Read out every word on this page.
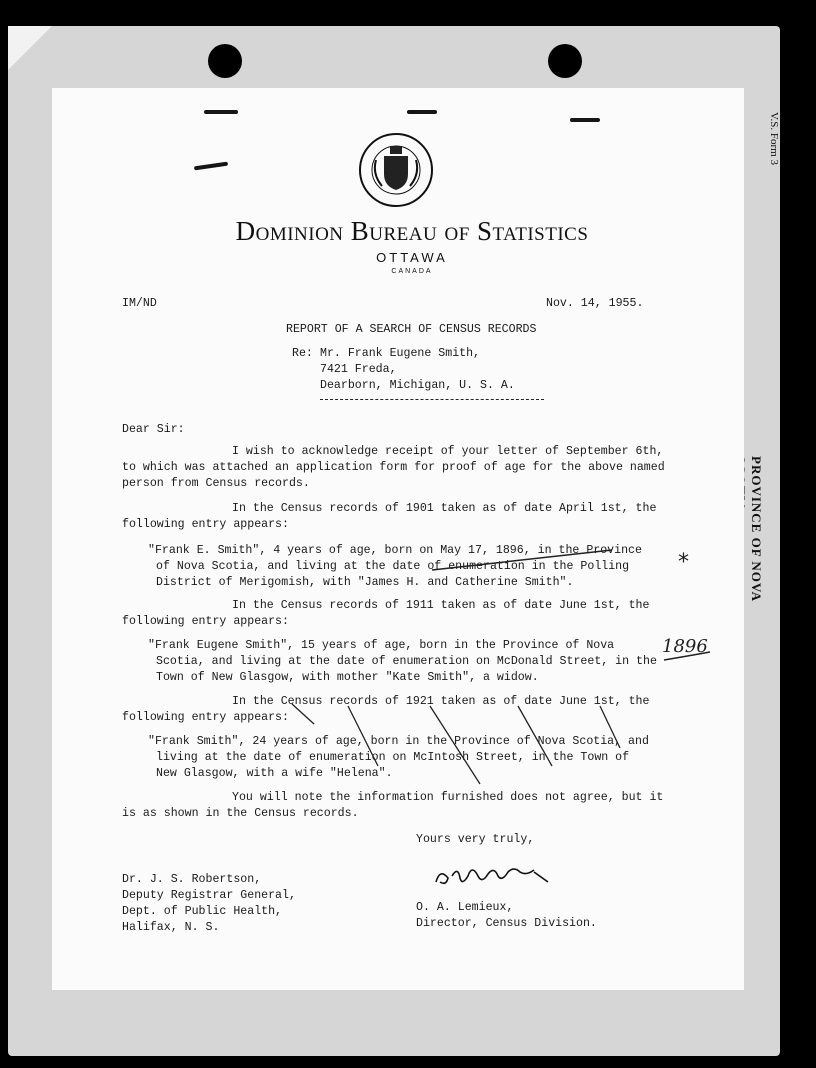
V.S. Form 3
PROVINCE OF NOVA
Dominion Bureau of Statistics
OTTAWA
CANADA
IM/ND	Nov. 14, 1955.
REPORT OF A SEARCH OF CENSUS RECORDS
Re: Mr. Frank Eugene Smith,
7421 Freda,
Dearborn, Michigan, U. S. A.
Dear Sir:
I wish to acknowledge receipt of your letter of September 6th,
to which was attached an application form for proof of age for the above named
person from Census records.
In the Census records of 1901 taken as of date April 1st, the
following entry appears:
"Frank E. Smith", 4 years of age, born on May 17, 1896, in the Province
of Nova Scotia, and living at the date of enumeration in the Polling
District of Merigomish, with "James H. and Catherine Smith".
In the Census records of 1911 taken as of date June 1st, the
following entry appears:
"Frank Eugene Smith", 15 years of age, born in the Province of Nova
Scotia, and living at the date of enumeration on McDonald Street, in the
Town of New Glasgow, with mother "Kate Smith", a widow.
In the Census records of 1921 taken as of date June 1st, the
following entry appears:
"Frank Smith", 24 years of age, born in the Province of Nova Scotia, and
living at the date of enumeration on McIntosh Street, in the Town of
New Glasgow, with a wife "Helena".
You will note the information furnished does not agree, but it
is as shown in the Census records.
Yours very truly,
Dr. J. S. Robertson,
Deputy Registrar General,
Dept. of Public Health,
Halifax, N. S.
O. A. Lemieux,
Director, Census Division.
*
1896
